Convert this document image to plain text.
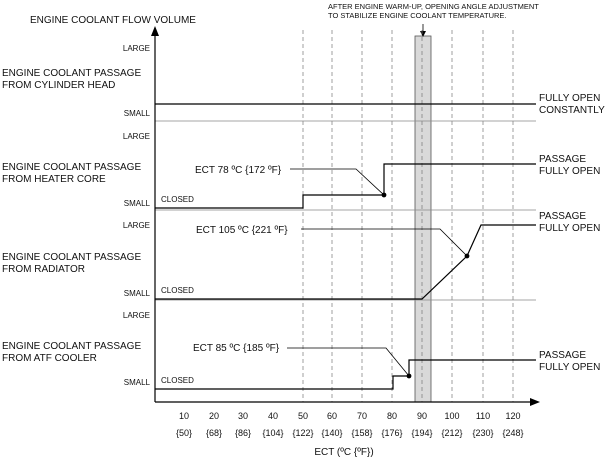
ENGINE COOLANT FLOW VOLUME
AFTER ENGINE WARM-UP, OPENING ANGLE ADJUSTMENT
TO STABILIZE ENGINE COOLANT TEMPERATURE.
ECT (ºC {ºF})
10 20 30 40 50 60 70 80 90 100 110 120
{50} {68} {86} {104} {122} {140} {158} {176} {194} {212} {230} {248}
LARGE
SMALL
ENGINE COOLANT PASSAGE
FROM CYLINDER HEAD
FULLY OPEN
CONSTANTLY
LARGE
SMALL CLOSED
ENGINE COOLANT PASSAGE
FROM HEATER CORE
PASSAGE
FULLY OPEN
ECT 78 ºC {172 ºF}
LARGE
SMALL CLOSED
ENGINE COOLANT PASSAGE
FROM RADIATOR
PASSAGE
FULLY OPEN
ECT 105 ºC {221 ºF}
LARGE
SMALL CLOSED
ENGINE COOLANT PASSAGE
FROM ATF COOLER	PASSAGE
FULLY OPEN
ECT 85 ºC {185 ºF}
